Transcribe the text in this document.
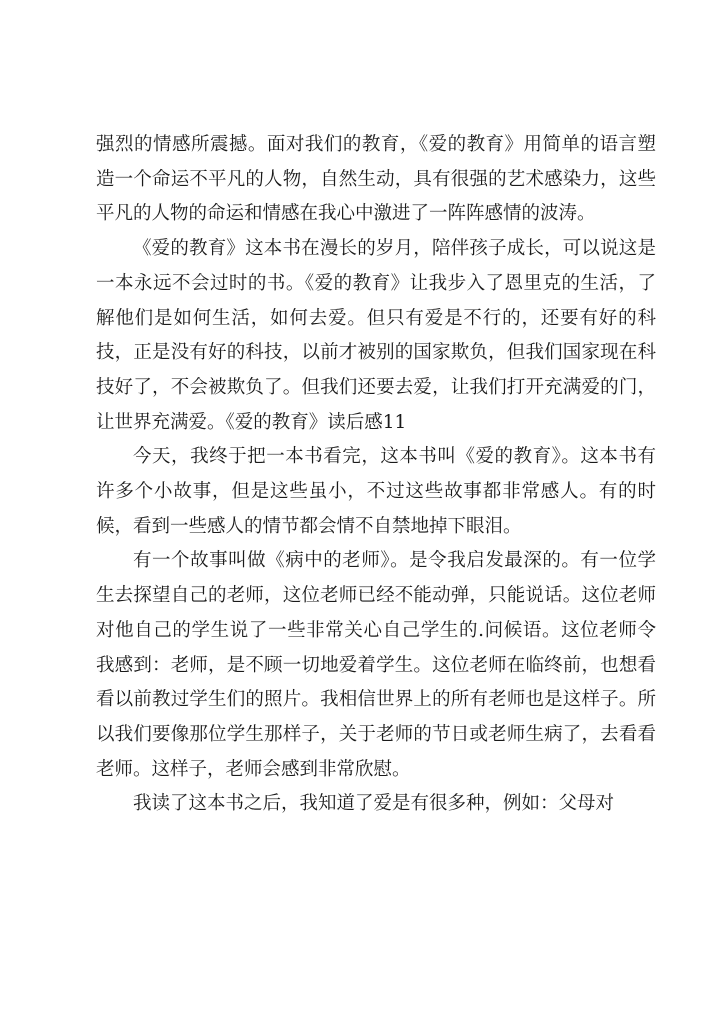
强烈的情感所震撼。面对我们的教育，《爱的教育》用简单的语言塑造一个命运不平凡的人物，自然生动，具有很强的艺术感染力，这些平凡的人物的命运和情感在我心中激进了一阵阵感情的波涛。

《爱的教育》这本书在漫长的岁月，陪伴孩子成长，可以说这是一本永远不会过时的书。《爱的教育》让我步入了恩里克的生活，了解他们是如何生活，如何去爱。但只有爱是不行的，还要有好的科技，正是没有好的科技，以前才被别的国家欺负，但我们国家现在科技好了，不会被欺负了。但我们还要去爱，让我们打开充满爱的门，让世界充满爱。《爱的教育》读后感11

今天，我终于把一本书看完，这本书叫《爱的教育》。这本书有许多个小故事，但是这些虽小，不过这些故事都非常感人。有的时候，看到一些感人的情节都会情不自禁地掉下眼泪。

有一个故事叫做《病中的老师》。是令我启发最深的。有一位学生去探望自己的老师，这位老师已经不能动弹，只能说话。这位老师对他自己的学生说了一些非常关心自己学生的.问候语。这位老师令我感到：老师，是不顾一切地爱着学生。这位老师在临终前，也想看看以前教过学生们的照片。我相信世界上的所有老师也是这样子。所以我们要像那位学生那样子，关于老师的节日或老师生病了，去看看老师。这样子，老师会感到非常欣慰。

我读了这本书之后，我知道了爱是有很多种，例如：父母对
